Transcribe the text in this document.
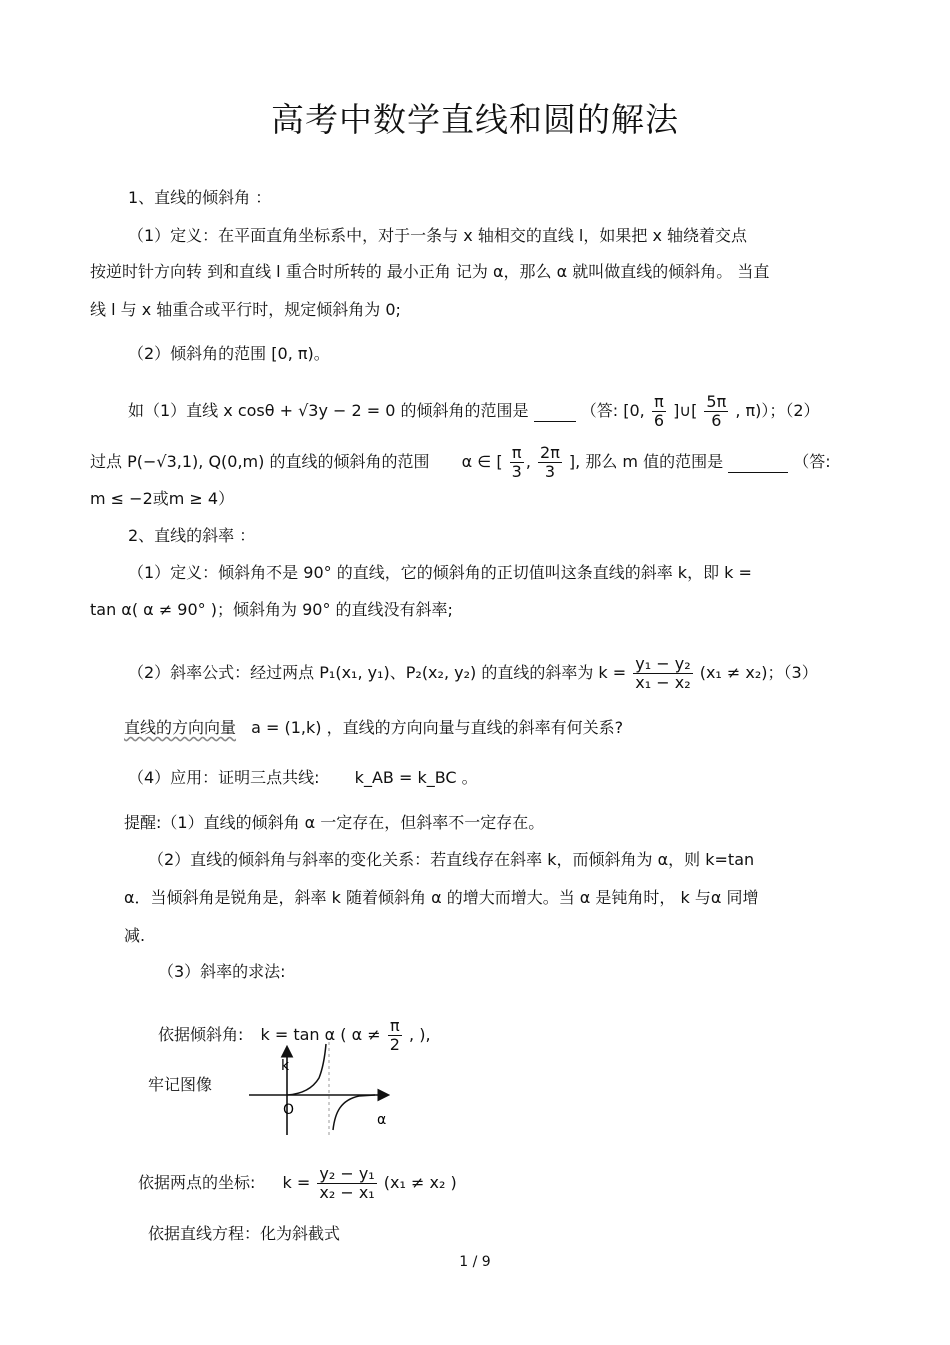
高考中数学直线和圆的解法
1、直线的倾斜角 ：
（1）定义：在平面直角坐标系中，对于一条与 x 轴相交的直线 l，如果把 x 轴绕着交点
按逆时针方向转 到和直线 l 重合时所转的 最小正角 记为 α，那么 α 就叫做直线的倾斜角。 当直
线 l 与 x 轴重合或平行时，规定倾斜角为 0;
（2）倾斜角的范围 [0, π)。
如（1）直线 x cosθ + √3y − 2 = 0 的倾斜角的范围是	（答: [0, $\frac{\pi}{6}$ ]∪[ $\frac{5\pi}{6}$ , π)）；（2）
过点 P(−√3,1), Q(0,m) 的直线的倾斜角的范围 α ∈ [ $\frac{\pi}{3}$ , $\frac{2\pi}{3}$ ], 那么 m 值的范围是	（答:
m ≤ −2或m ≥ 4）
2、直线的斜率 ：
（1）定义：倾斜角不是 90° 的直线，它的倾斜角的正切值叫这条直线的斜率 k，即 k =
tan α( α ≠ 90° )；倾斜角为 90° 的直线没有斜率;
（2）斜率公式：经过两点 P₁(x₁, y₁)、P₂(x₂, y₂) 的直线的斜率为 $k = \frac{\text{y₁ − y₂}}{\text{x₁ − x₂}} (x_1 \ne x_2)$；（3）
直线的方向向量 a = (1,k) ，直线的方向向量与直线的斜率有何关系?
（4）应用：证明三点共线: k_AB = k_BC 。
提醒:（1）直线的倾斜角 α 一定存在，但斜率不一定存在。
（2）直线的倾斜角与斜率的变化关系：若直线存在斜率 k，而倾斜角为 α，则 k=tan
α．当倾斜角是锐角是，斜率 k 随着倾斜角 α 的增大而增大。当 α 是钝角时， k 与α 同增
减.
（3）斜率的求法:
依据倾斜角: k = tan α ( $\alpha \ne \frac{\pi}{2}$ , ),
牢记图像
k
O
α
依据两点的坐标: $k = \frac{\text{y₂ − y₁}}{\text{x₂ − x₁}} (x_1 \ne x_2$ )
依据直线方程：化为斜截式
1 / 9
